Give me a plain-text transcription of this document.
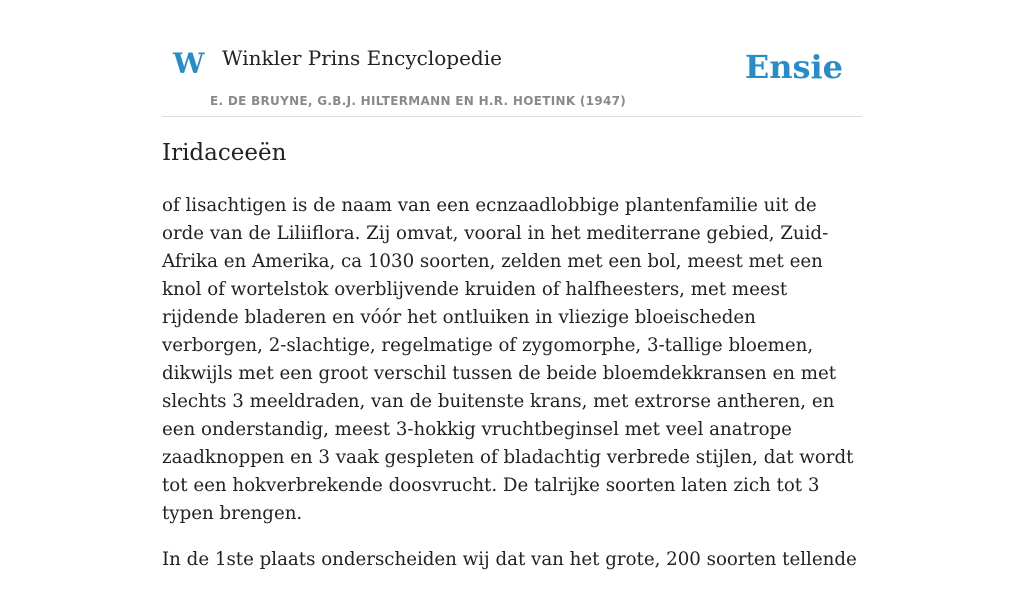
W Winkler Prins Encyclopedie
E. DE BRUYNE, G.B.J. HILTERMANN EN H.R. HOETINK (1947)
Ensie
Iridaceeën

of lisachtigen is de naam van een ecnzaadlobbige plantenfamilie uit de orde van de Liliiflora. Zij omvat, vooral in het mediterrane gebied, Zuid-Afrika en Amerika, ca 1030 soorten, zelden met een bol, meest met een knol of wortelstok overblijvende kruiden of halfheesters, met meest rijdende bladeren en vóór het ontluiken in vliezige bloeischeden verborgen, 2-slachtige, regelmatige of zygomorphe, 3-tallige bloemen, dikwijls met een groot verschil tussen de beide bloemdekkransen en met slechts 3 meeldraden, van de buitenste krans, met extrorse antheren, en een onderstandig, meest 3-hokkig vruchtbeginsel met veel anatrope zaadknoppen en 3 vaak gespleten of bladachtig verbrede stijlen, dat wordt tot een hokverbrekende doosvrucht. De talrijke soorten laten zich tot 3 typen brengen.

In de 1ste plaats onderscheiden wij dat van het grote, 200 soorten tellende
